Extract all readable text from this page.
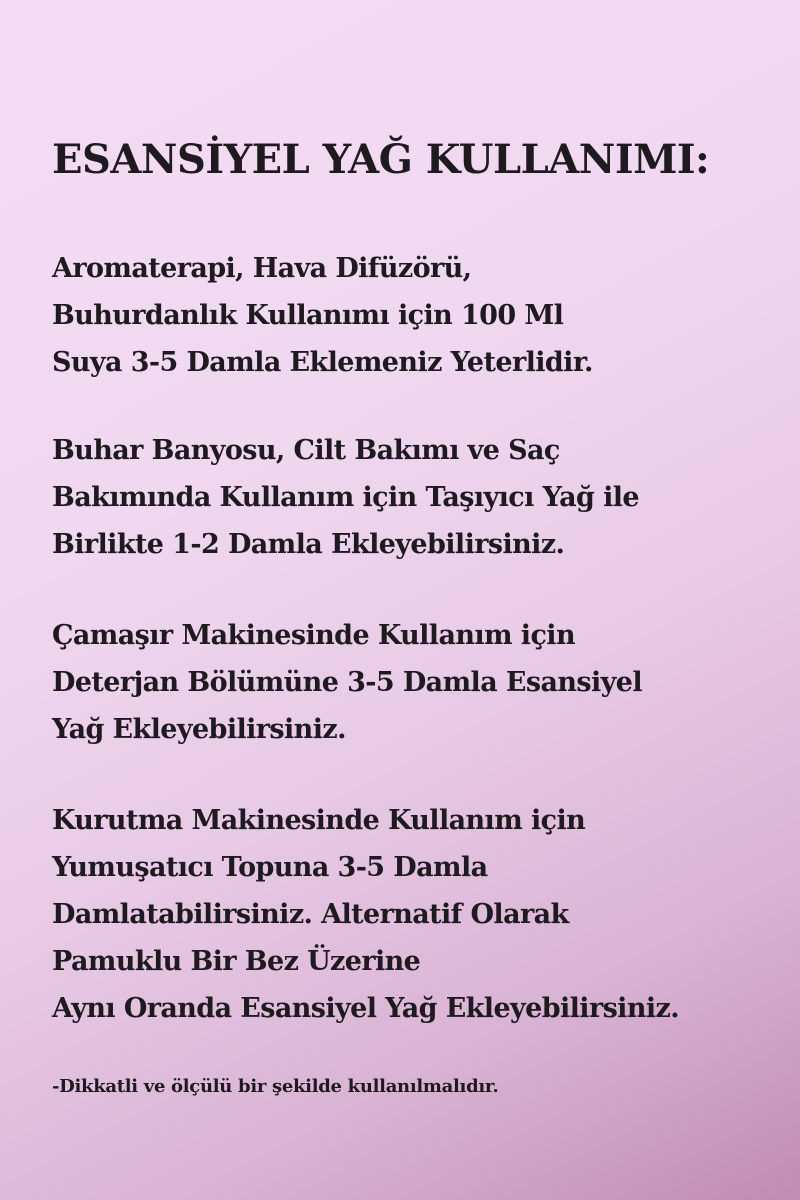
ESANSİYEL YAĞ KULLANIMI:
Aromaterapi, Hava Difüzörü,
Buhurdanlık Kullanımı için 100 Ml
Suya 3-5 Damla Eklemeniz Yeterlidir.
Buhar Banyosu, Cilt Bakımı ve Saç
Bakımında Kullanım için Taşıyıcı Yağ ile
Birlikte 1-2 Damla Ekleyebilirsiniz.
Çamaşır Makinesinde Kullanım için
Deterjan Bölümüne 3-5 Damla Esansiyel
Yağ Ekleyebilirsiniz.
Kurutma Makinesinde Kullanım için
Yumuşatıcı Topuna 3-5 Damla
Damlatabilirsiniz. Alternatif Olarak
Pamuklu Bir Bez Üzerine
Aynı Oranda Esansiyel Yağ Ekleyebilirsiniz.

-Dikkatli ve ölçülü bir şekilde kullanılmalıdır.
